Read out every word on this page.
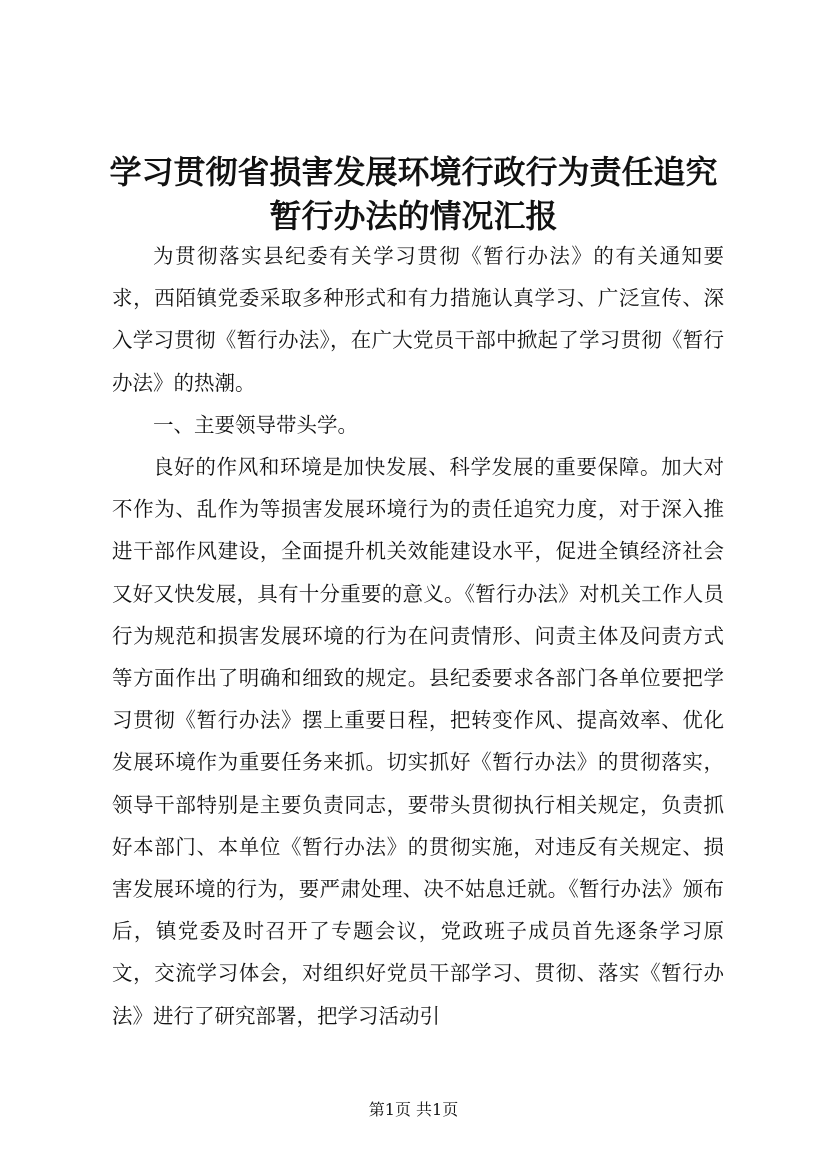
学习贯彻省损害发展环境行政行为责任追究暂行办法的情况汇报

为贯彻落实县纪委有关学习贯彻《暂行办法》的有关通知要求，西陌镇党委采取多种形式和有力措施认真学习、广泛宣传、深入学习贯彻《暂行办法》，在广大党员干部中掀起了学习贯彻《暂行办法》的热潮。

一、主要领导带头学。

良好的作风和环境是加快发展、科学发展的重要保障。加大对不作为、乱作为等损害发展环境行为的责任追究力度，对于深入推进干部作风建设，全面提升机关效能建设水平，促进全镇经济社会又好又快发展，具有十分重要的意义。《暂行办法》对机关工作人员行为规范和损害发展环境的行为在问责情形、问责主体及问责方式等方面作出了明确和细致的规定。县纪委要求各部门各单位要把学习贯彻《暂行办法》摆上重要日程，把转变作风、提高效率、优化发展环境作为重要任务来抓。切实抓好《暂行办法》的贯彻落实，领导干部特别是主要负责同志，要带头贯彻执行相关规定，负责抓好本部门、本单位《暂行办法》的贯彻实施，对违反有关规定、损害发展环境的行为，要严肃处理、决不姑息迁就。《暂行办法》颁布后，镇党委及时召开了专题会议，党政班子成员首先逐条学习原文，交流学习体会，对组织好党员干部学习、贯彻、落实《暂行办法》进行了研究部署，把学习活动引

第1页 共1页
